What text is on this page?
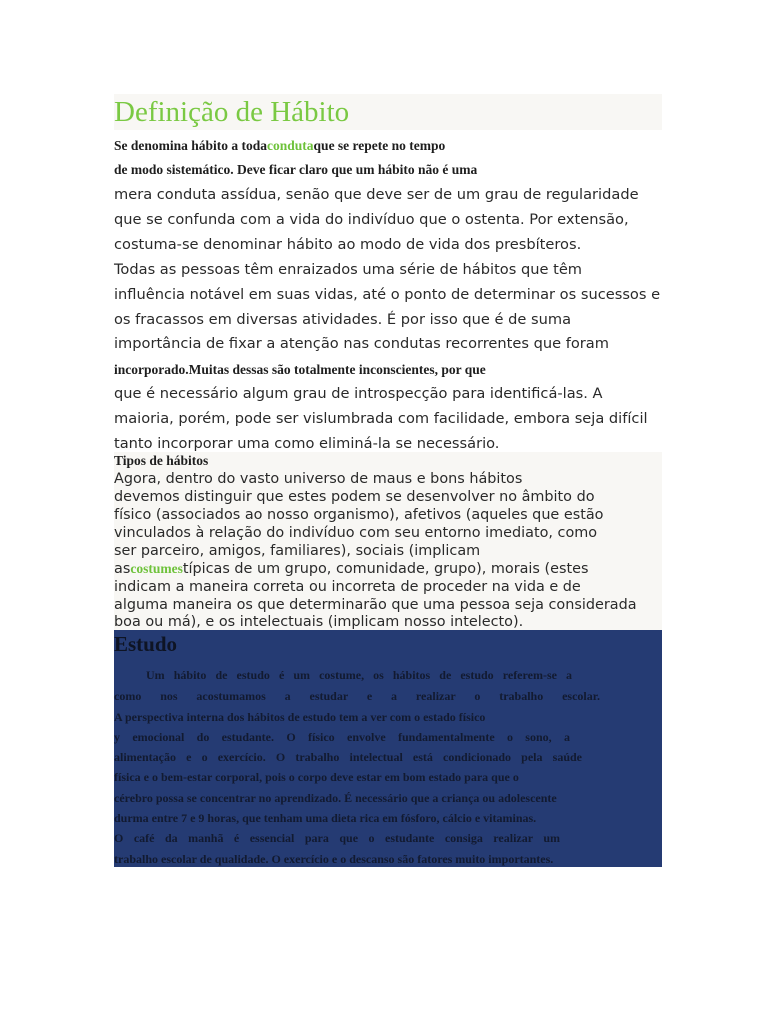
Definição de Hábito

Se denomina hábito a todacondutaque se repete no tempo

de modo sistemático. Deve ficar claro que um hábito não é uma

mera conduta assídua, senão que deve ser de um grau de regularidade

que se confunda com a vida do indivíduo que o ostenta. Por extensão,

costuma-se denominar hábito ao modo de vida dos presbíteros.

Todas as pessoas têm enraizados uma série de hábitos que têm

influência notável em suas vidas, até o ponto de determinar os sucessos e

os fracassos em diversas atividades. É por isso que é de suma

importância de fixar a atenção nas condutas recorrentes que foram

incorporado.Muitas dessas são totalmente inconscientes, por que

que é necessário algum grau de introspecção para identificá-las. A

maioria, porém, pode ser vislumbrada com facilidade, embora seja difícil

tanto incorporar uma como eliminá-la se necessário.

Tipos de hábitos

Agora, dentro do vasto universo de maus e bons hábitos

devemos distinguir que estes podem se desenvolver no âmbito do

físico (associados ao nosso organismo), afetivos (aqueles que estão

vinculados à relação do indivíduo com seu entorno imediato, como

ser parceiro, amigos, familiares), sociais (implicam

ascostumestípicas de um grupo, comunidade, grupo), morais (estes

indicam a maneira correta ou incorreta de proceder na vida e de

alguma maneira os que determinarão que uma pessoa seja considerada

boa ou má), e os intelectuais (implicam nosso intelecto).

Estudo

Um hábito de estudo é um costume, os hábitos de estudo referem-se a

como nos acostumamos a estudar e a realizar o trabalho escolar.

A perspectiva interna dos hábitos de estudo tem a ver com o estado físico

y emocional do estudante. O físico envolve fundamentalmente o sono, a

alimentação e o exercício. O trabalho intelectual está condicionado pela saúde

física e o bem-estar corporal, pois o corpo deve estar em bom estado para que o

cérebro possa se concentrar no aprendizado. É necessário que a criança ou adolescente

durma entre 7 e 9 horas, que tenham uma dieta rica em fósforo, cálcio e vitaminas.

O café da manhã é essencial para que o estudante consiga realizar um

trabalho escolar de qualidade. O exercício e o descanso são fatores muito importantes.
